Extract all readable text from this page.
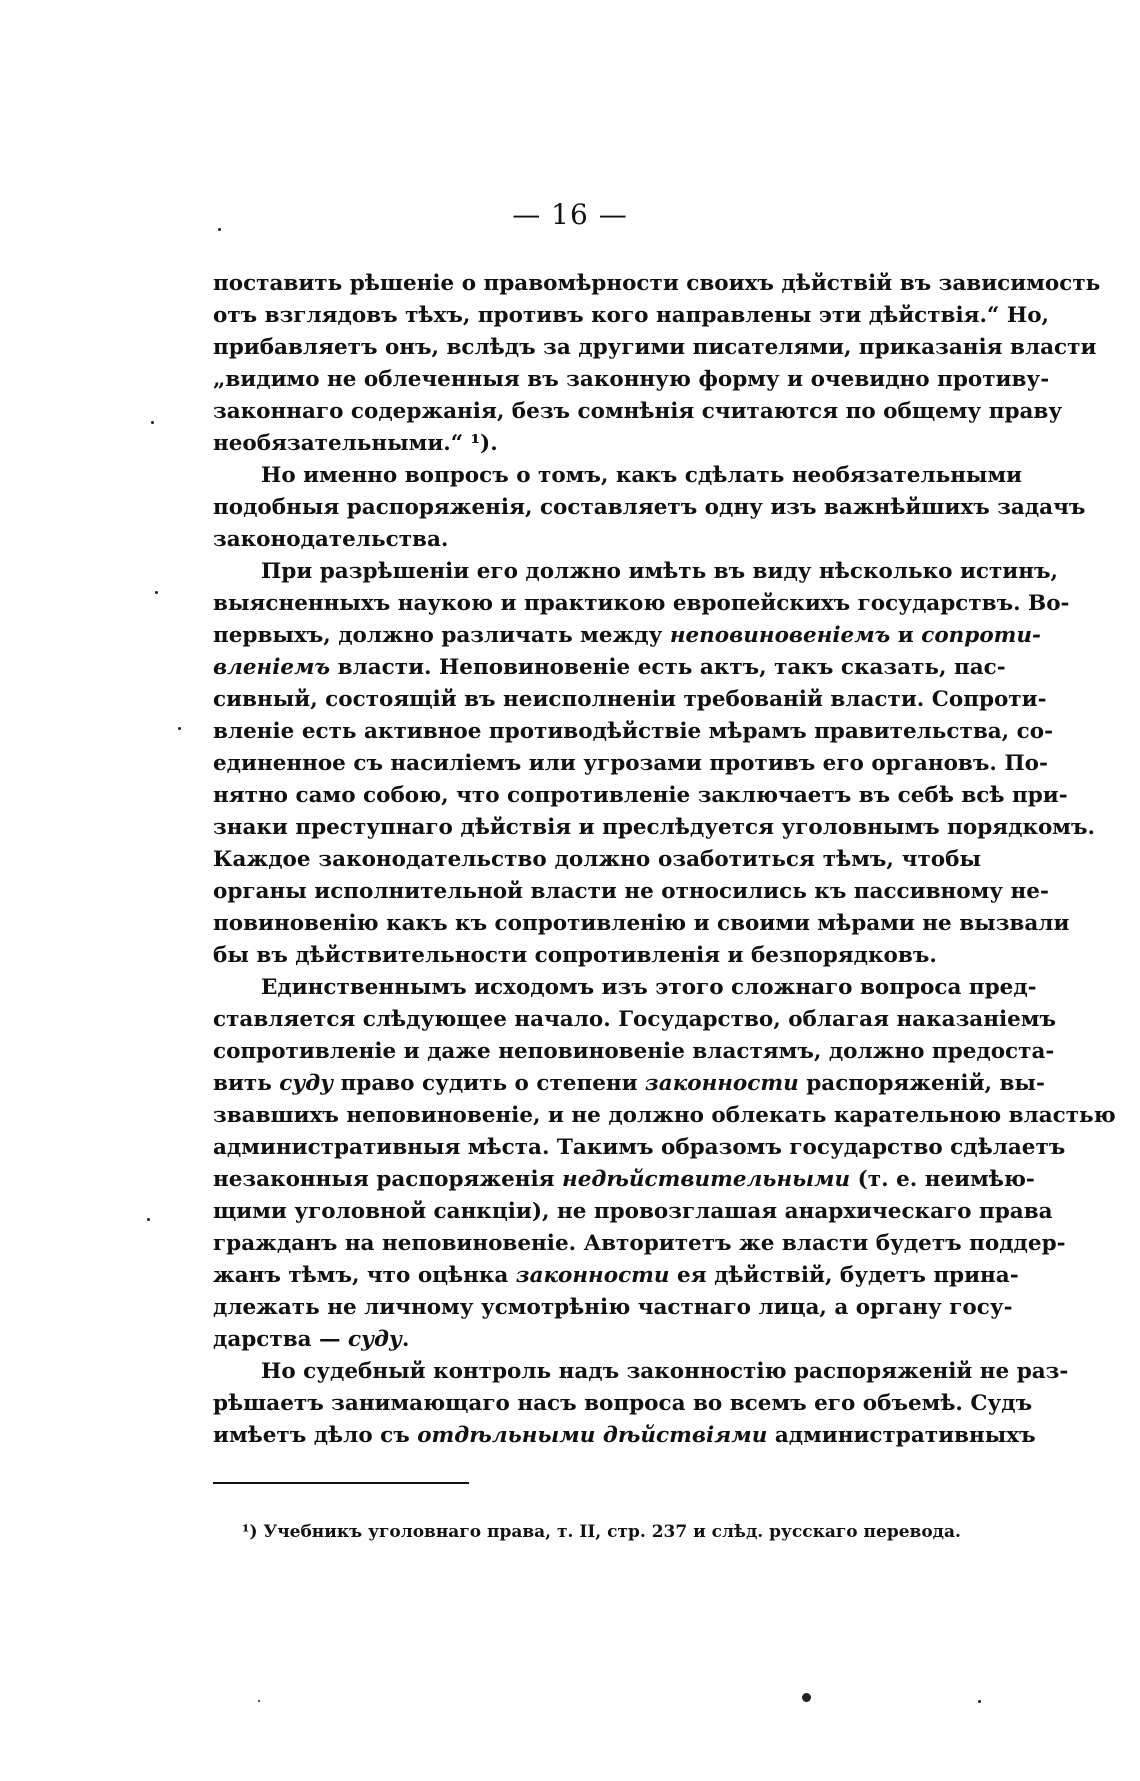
— 16 —

поставить рѣшеніе о правомѣрности своихъ дѣйствій въ зависимость
отъ взглядовъ тѣхъ, противъ кого направлены эти дѣйствія.“ Но,
прибавляетъ онъ, вслѣдъ за другими писателями, приказанія власти
„видимо не облеченныя въ законную форму и очевидно противу-
законнаго содержанія, безъ сомнѣнія считаются по общему праву
необязательными.“ ¹).

Но именно вопросъ о томъ, какъ сдѣлать необязательными
подобныя распоряженія, составляетъ одну изъ важнѣйшихъ задачъ
законодательства.

При разрѣшеніи его должно имѣть въ виду нѣсколько истинъ,
выясненныхъ наукою и практикою европейскихъ государствъ. Во-
первыхъ, должно различать между неповиновеніемъ и сопроти-
вленіемъ власти. Неповиновеніе есть актъ, такъ сказать, пас-
сивный, состоящій въ неисполненіи требованій власти. Сопроти-
вленіе есть активное противодѣйствіе мѣрамъ правительства, со-
единенное съ насиліемъ или угрозами противъ его органовъ. По-
нятно само собою, что сопротивленіе заключаетъ въ себѣ всѣ при-
знаки преступнаго дѣйствія и преслѣдуется уголовнымъ порядкомъ.
Каждое законодательство должно озаботиться тѣмъ, чтобы
органы исполнительной власти не относились къ пассивному не-
повиновенію какъ къ сопротивленію и своими мѣрами не вызвали
бы въ дѣйствительности сопротивленія и безпорядковъ.

Единственнымъ исходомъ изъ этого сложнаго вопроса пред-
ставляется слѣдующее начало. Государство, облагая наказаніемъ
сопротивленіе и даже неповиновеніе властямъ, должно предоста-
вить суду право судить о степени законности распоряженій, вы-
звавшихъ неповиновеніе, и не должно облекать карательною властью
административныя мѣста. Такимъ образомъ государство сдѣлаетъ
незаконныя распоряженія недѣйствительными (т. е. неимѣю-
щими уголовной санкціи), не провозглашая анархическаго права
гражданъ на неповиновеніе. Авторитетъ же власти будетъ поддер-
жанъ тѣмъ, что оцѣнка законности ея дѣйствій, будетъ прина-
длежать не личному усмотрѣнію частнаго лица, а органу госу-
дарства — суду.

Но судебный контроль надъ законностію распоряженій не раз-
рѣшаетъ занимающаго насъ вопроса во всемъ его объемѣ. Судъ
имѣетъ дѣло съ отдѣльными дѣйствіями административныхъ

¹) Учебникъ уголовнаго права, т. II, стр. 237 и слѣд. русскаго перевода.
